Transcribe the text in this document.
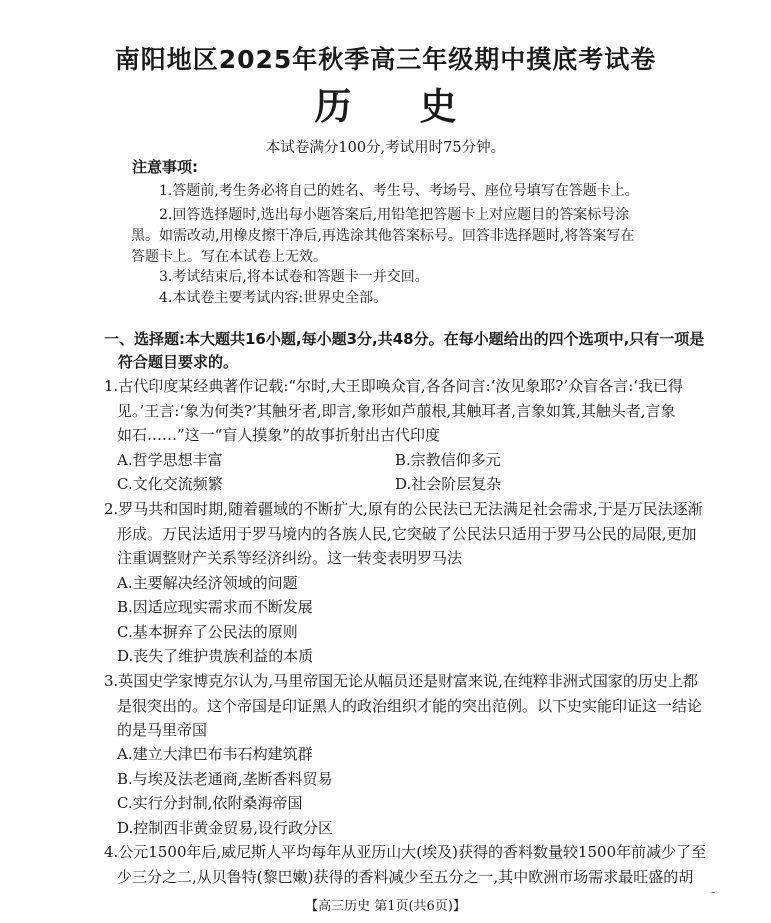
南阳地区2025年秋季高三年级期中摸底考试卷
历史
本试卷满分100分,考试用时75分钟。
注意事项:
1.答题前,考生务必将自己的姓名、考生号、考场号、座位号填写在答题卡上。
2.回答选择题时,选出每小题答案后,用铅笔把答题卡上对应题目的答案标号涂
黑。如需改动,用橡皮擦干净后,再选涂其他答案标号。回答非选择题时,将答案写在
答题卡上。写在本试卷上无效。
3.考试结束后,将本试卷和答题卡一并交回。
4.本试卷主要考试内容:世界史全部。
一、选择题:本大题共16小题,每小题3分,共48分。在每小题给出的四个选项中,只有一项是
符合题目要求的。
1.古代印度某经典著作记载:“尔时,大王即唤众盲,各各问言:‘汝见象耶?’众盲各言:‘我已得
见。’王言:‘象为何类?’其触牙者,即言,象形如芦菔根,其触耳者,言象如箕,其触头者,言象
如石……”这一“盲人摸象”的故事折射出古代印度
A.哲学思想丰富	B.宗教信仰多元
C.文化交流频繁	D.社会阶层复杂
2.罗马共和国时期,随着疆域的不断扩大,原有的公民法已无法满足社会需求,于是万民法逐渐
形成。万民法适用于罗马境内的各族人民,它突破了公民法只适用于罗马公民的局限,更加
注重调整财产关系等经济纠纷。这一转变表明罗马法
A.主要解决经济领域的问题
B.因适应现实需求而不断发展
C.基本摒弃了公民法的原则
D.丧失了维护贵族利益的本质
3.英国史学家博克尔认为,马里帝国无论从幅员还是财富来说,在纯粹非洲式国家的历史上都
是很突出的。这个帝国是印证黑人的政治组织才能的突出范例。以下史实能印证这一结论
的是马里帝国
A.建立大津巴布韦石构建筑群
B.与埃及法老通商,垄断香料贸易
C.实行分封制,依附桑海帝国
D.控制西非黄金贸易,设行政分区
4.公元1500年后,威尼斯人平均每年从亚历山大(埃及)获得的香料数量较1500年前减少了至
少三分之二,从贝鲁特(黎巴嫩)获得的香料减少至五分之一,其中欧洲市场需求最旺盛的胡
-
【高三历史 第1页(共6页)】
